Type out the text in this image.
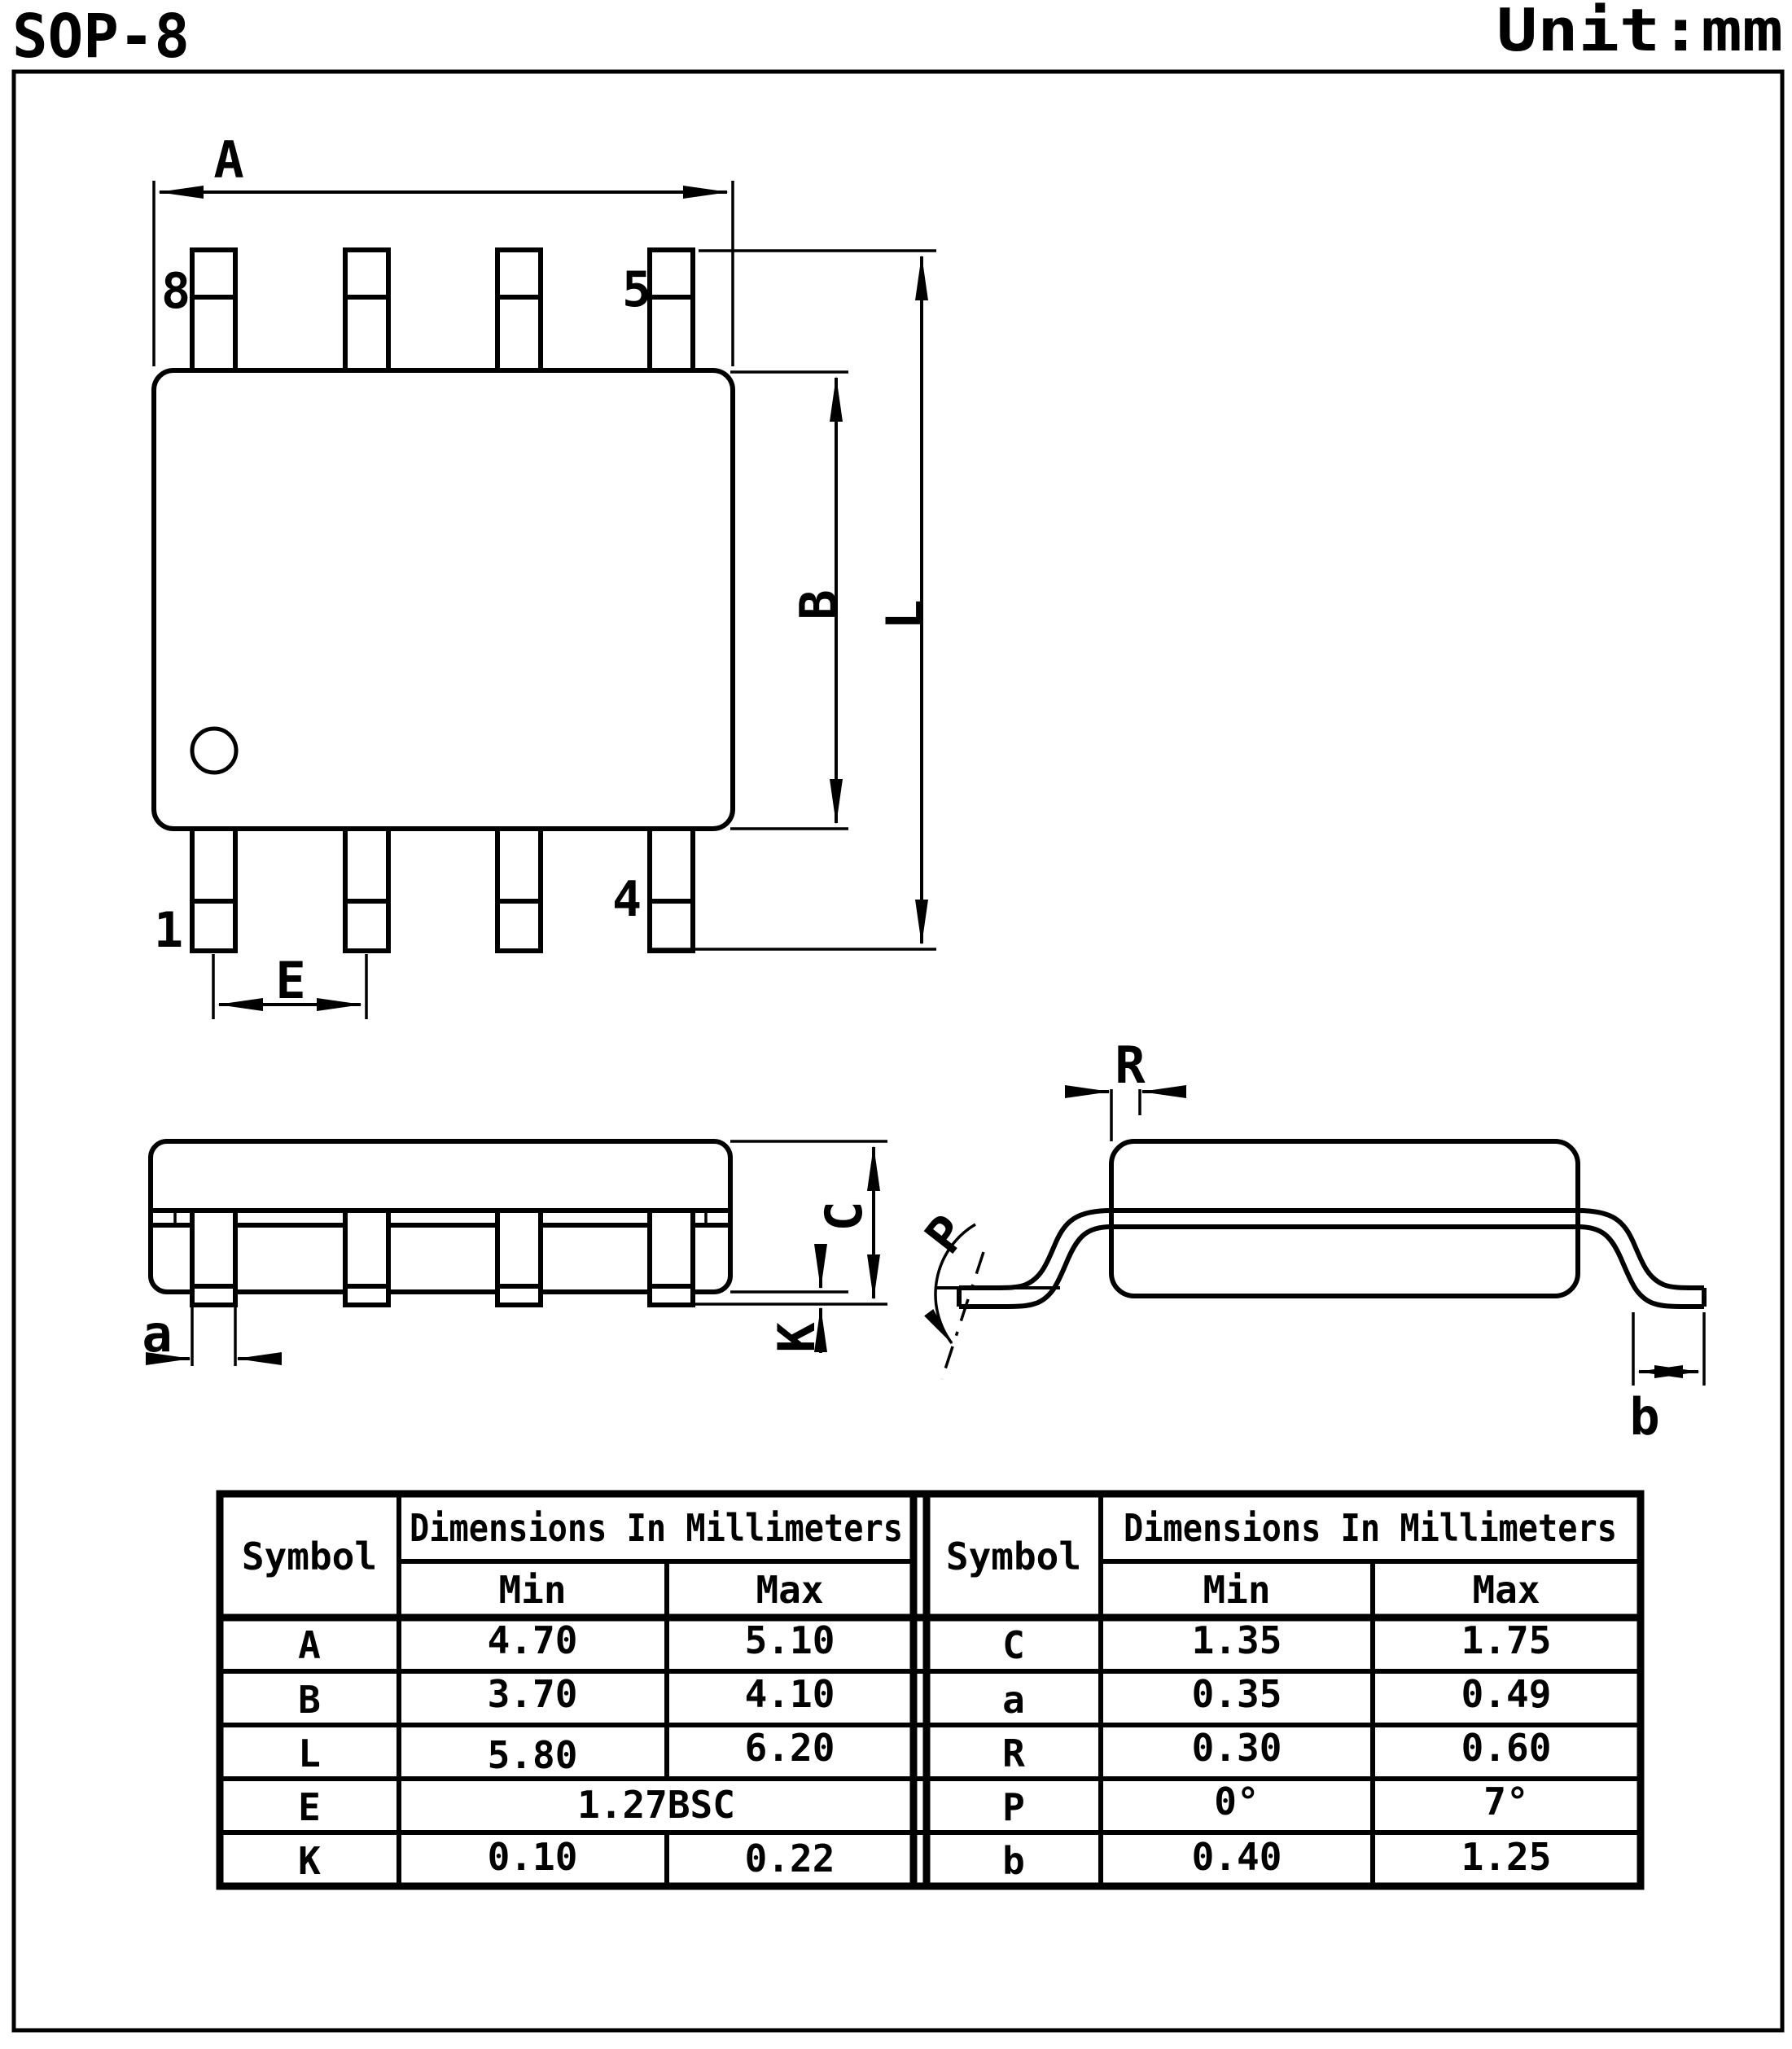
SOP-8	Unit:mm
A
B L
E
8	5
1
4
C
K
a
R
P
b
Symbol
Dimensions In Millimeters
Min	Max
A	4.70	5.10
B	3.70	4.10
L	5.80	6.20
E	1.27BSC
K	0.10	0.22
Symbol
Dimensions In Millimeters
Min	Max
C	1.35	1.75
a	0.35	0.49
R	0.30	0.60
P	0°	7°
b	0.40	1.25
